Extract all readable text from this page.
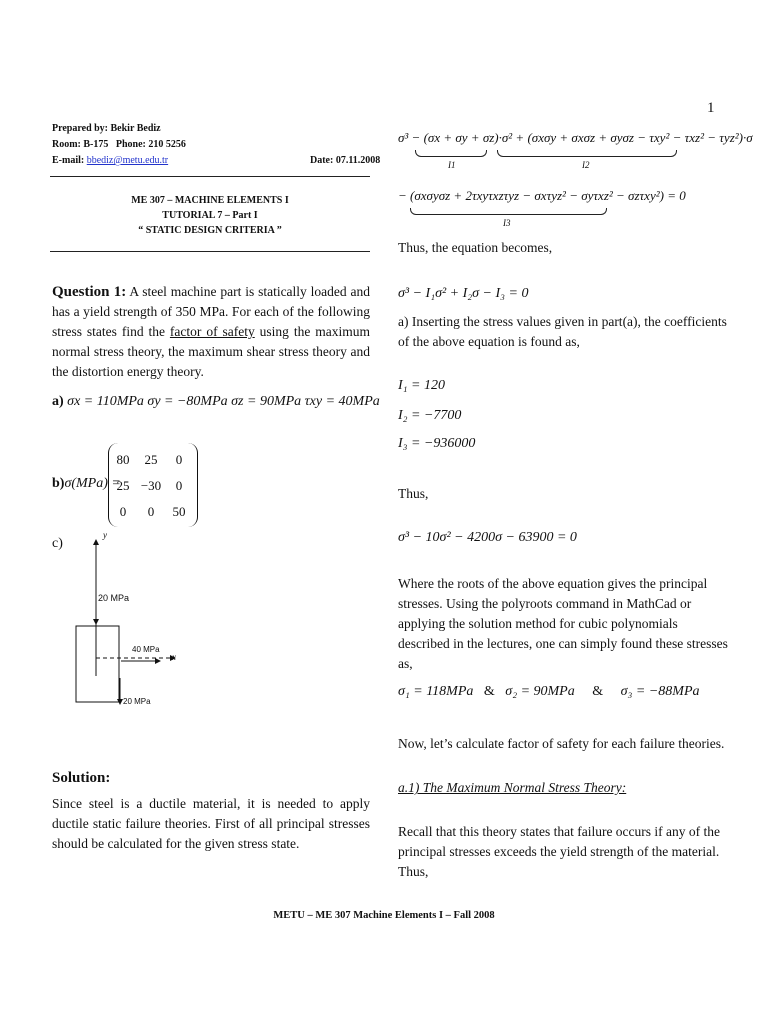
1
Prepared by: Bekir Bediz
Room: B-175 Phone: 210 5256
E-mail: bbediz@metu.edu.tr	Date: 07.11.2008
ME 307 – MACHINE ELEMENTS I
TUTORIAL 7 – Part I
“ STATIC DESIGN CRITERIA ”
Question 1: A steel machine part is statically loaded and has a yield strength of 350 MPa. For each of the following stress states find the factor of safety using the maximum normal stress theory, the maximum shear stress theory and the distortion energy theory.
a) σx = 110MPa σy = −80MPa σz = 90MPa τxy = 40MPa
b)σ(MPa) =
80 25 0
25 −30 0
0 0 50
c)
y
x
20 MPa
40 MPa
20 MPa
Solution:
Since steel is a ductile material, it is needed to apply ductile static failure theories. First of all principal stresses should be calculated for the given stress state.
σ³ − (σx + σy + σz)·σ² + (σxσy + σxσz + σyσz − τxy² − τxz² − τyz²)·σ
I1	I2
− (σxσyσz + 2τxyτxzτyz − σxτyz² − σyτxz² − σzτxy²) = 0
I3
Thus, the equation becomes,
σ³ − I₁σ² + I₂σ − I₃ = 0
a) Inserting the stress values given in part(a), the coefficients of the above equation is found as,
I₁ = 120
I₂ = −7700
I₃ = −936000
Thus,
σ³ − 10σ² − 4200σ − 63900 = 0
Where the roots of the above equation gives the principal stresses. Using the polyroots command in MathCad or applying the solution method for cubic polynomials described in the lectures, one can simply found these stresses as,
σ₁ = 118MPa & σ₂ = 90MPa & σ₃ = −88MPa
Now, let’s calculate factor of safety for each failure theories.
a.1) The Maximum Normal Stress Theory:
Recall that this theory states that failure occurs if any of the principal stresses exceeds the yield strength of the material. Thus,
METU – ME 307 Machine Elements I – Fall 2008
